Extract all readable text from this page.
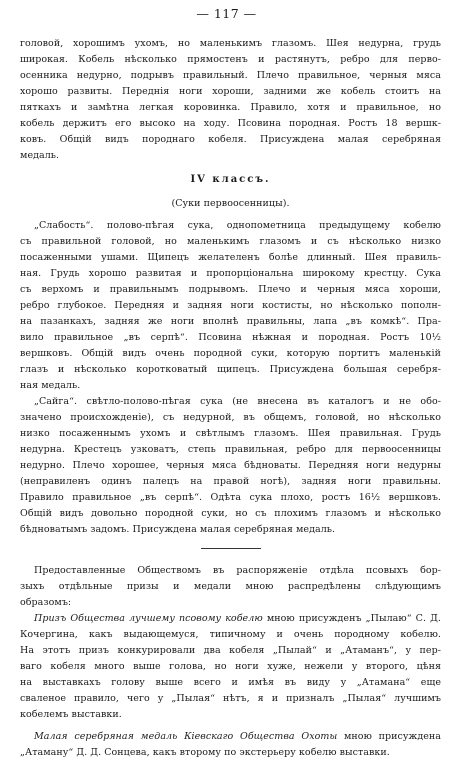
— 117 —

головой, хорошимъ ухомъ, но маленькимъ глазомъ. Шея недурна, грудь
широкая. Кобель нѣсколько прямостенъ и растянутъ, ребро для перво-
осенника недурно, подрывъ правильный. Плечо правильное, черныя мяса
хорошо развиты. Переднія ноги хороши, задними же кобель стоитъ на
пяткахъ и замѣтна легкая коровинка. Правило, хотя и правильное, но
кобель держитъ его высоко на ходу. Псовина породная. Ростъ 18 вершк-
ковъ. Общій видъ породнаго кобеля. Присуждена малая серебряная
медаль.

IV классъ.
(Суки первоосенницы).

„Слабость“. полово-пѣгая сука, однопометница предыдущему кобелю
съ правильной головой, но маленькимъ глазомъ и съ нѣсколько низко
посаженными ушами. Щипецъ желателенъ болѣе длинный. Шея правиль-
ная. Грудь хорошо развитая и пропорціональна широкому крестцу. Сука
съ верхомъ и правильнымъ подрывомъ. Плечо и черныя мяса хороши,
ребро глубокое. Передняя и задняя ноги костисты, но нѣсколько пополн-
на пазанкахъ, задняя же ноги вполнѣ правильны, лапа „въ комкѣ“. Пра-
вило правильное „въ серпѣ“. Псовина нѣжная и породная. Ростъ 10½
вершковъ. Общій видъ очень породной суки, которую портитъ маленькій
глазъ и нѣсколько коротковатый щипецъ. Присуждена большая серебря-
ная медаль.

„Сайга“. свѣтло-полово-пѣгая сука (не внесена въ каталогъ и не обо-
значено происхожденіе), съ недурной, въ общемъ, головой, но нѣсколько
низко посаженнымъ ухомъ и свѣтлымъ глазомъ. Шея правильная. Грудь
недурна. Крестецъ узковатъ, степь правильная, ребро для первоосенницы
недурно. Плечо хорошее, черныя мяса бѣдноваты. Передняя ноги недурны
(неправиленъ одинъ палецъ на правой ногѣ), задняя ноги правильны.
Правило правильное „въ серпѣ“. Одѣта сука плохо, ростъ 16½ вершковъ.
Общій видъ довольно породной суки, но съ плохимъ глазомъ и нѣсколько
бѣдноватымъ задомъ. Присуждена малая серебряная медаль.

Предоставленные Обществомъ въ распоряженіе отдѣла псовыхъ бор-
зыхъ отдѣльные призы и медали мною распредѣлены слѣдующимъ
образомъ:

Призъ Общества лучшему псовому кобелю мною присужденъ „Пылаю“ С. Д.
Кочергина, какъ выдающемуся, типичному и очень породному кобелю.
На этотъ призъ конкурировали два кобеля „Пылай“ и „Атаманъ“, у пер-
ваго кобеля много выше голова, но ноги хуже, нежели у второго, цѣня
на выставкахъ голову выше всего и имѣя въ виду у „Атамана“ еще
сваленое правило, чего у „Пылая“ нѣтъ, я и призналъ „Пылая“ лучшимъ
кобелемъ выставки.

Малая серебряная медаль Кіевскаго Общества Охоты мною присуждена
„Атаману“ Д. Д. Сонцева, какъ второму по экстерьеру кобелю выставки.
